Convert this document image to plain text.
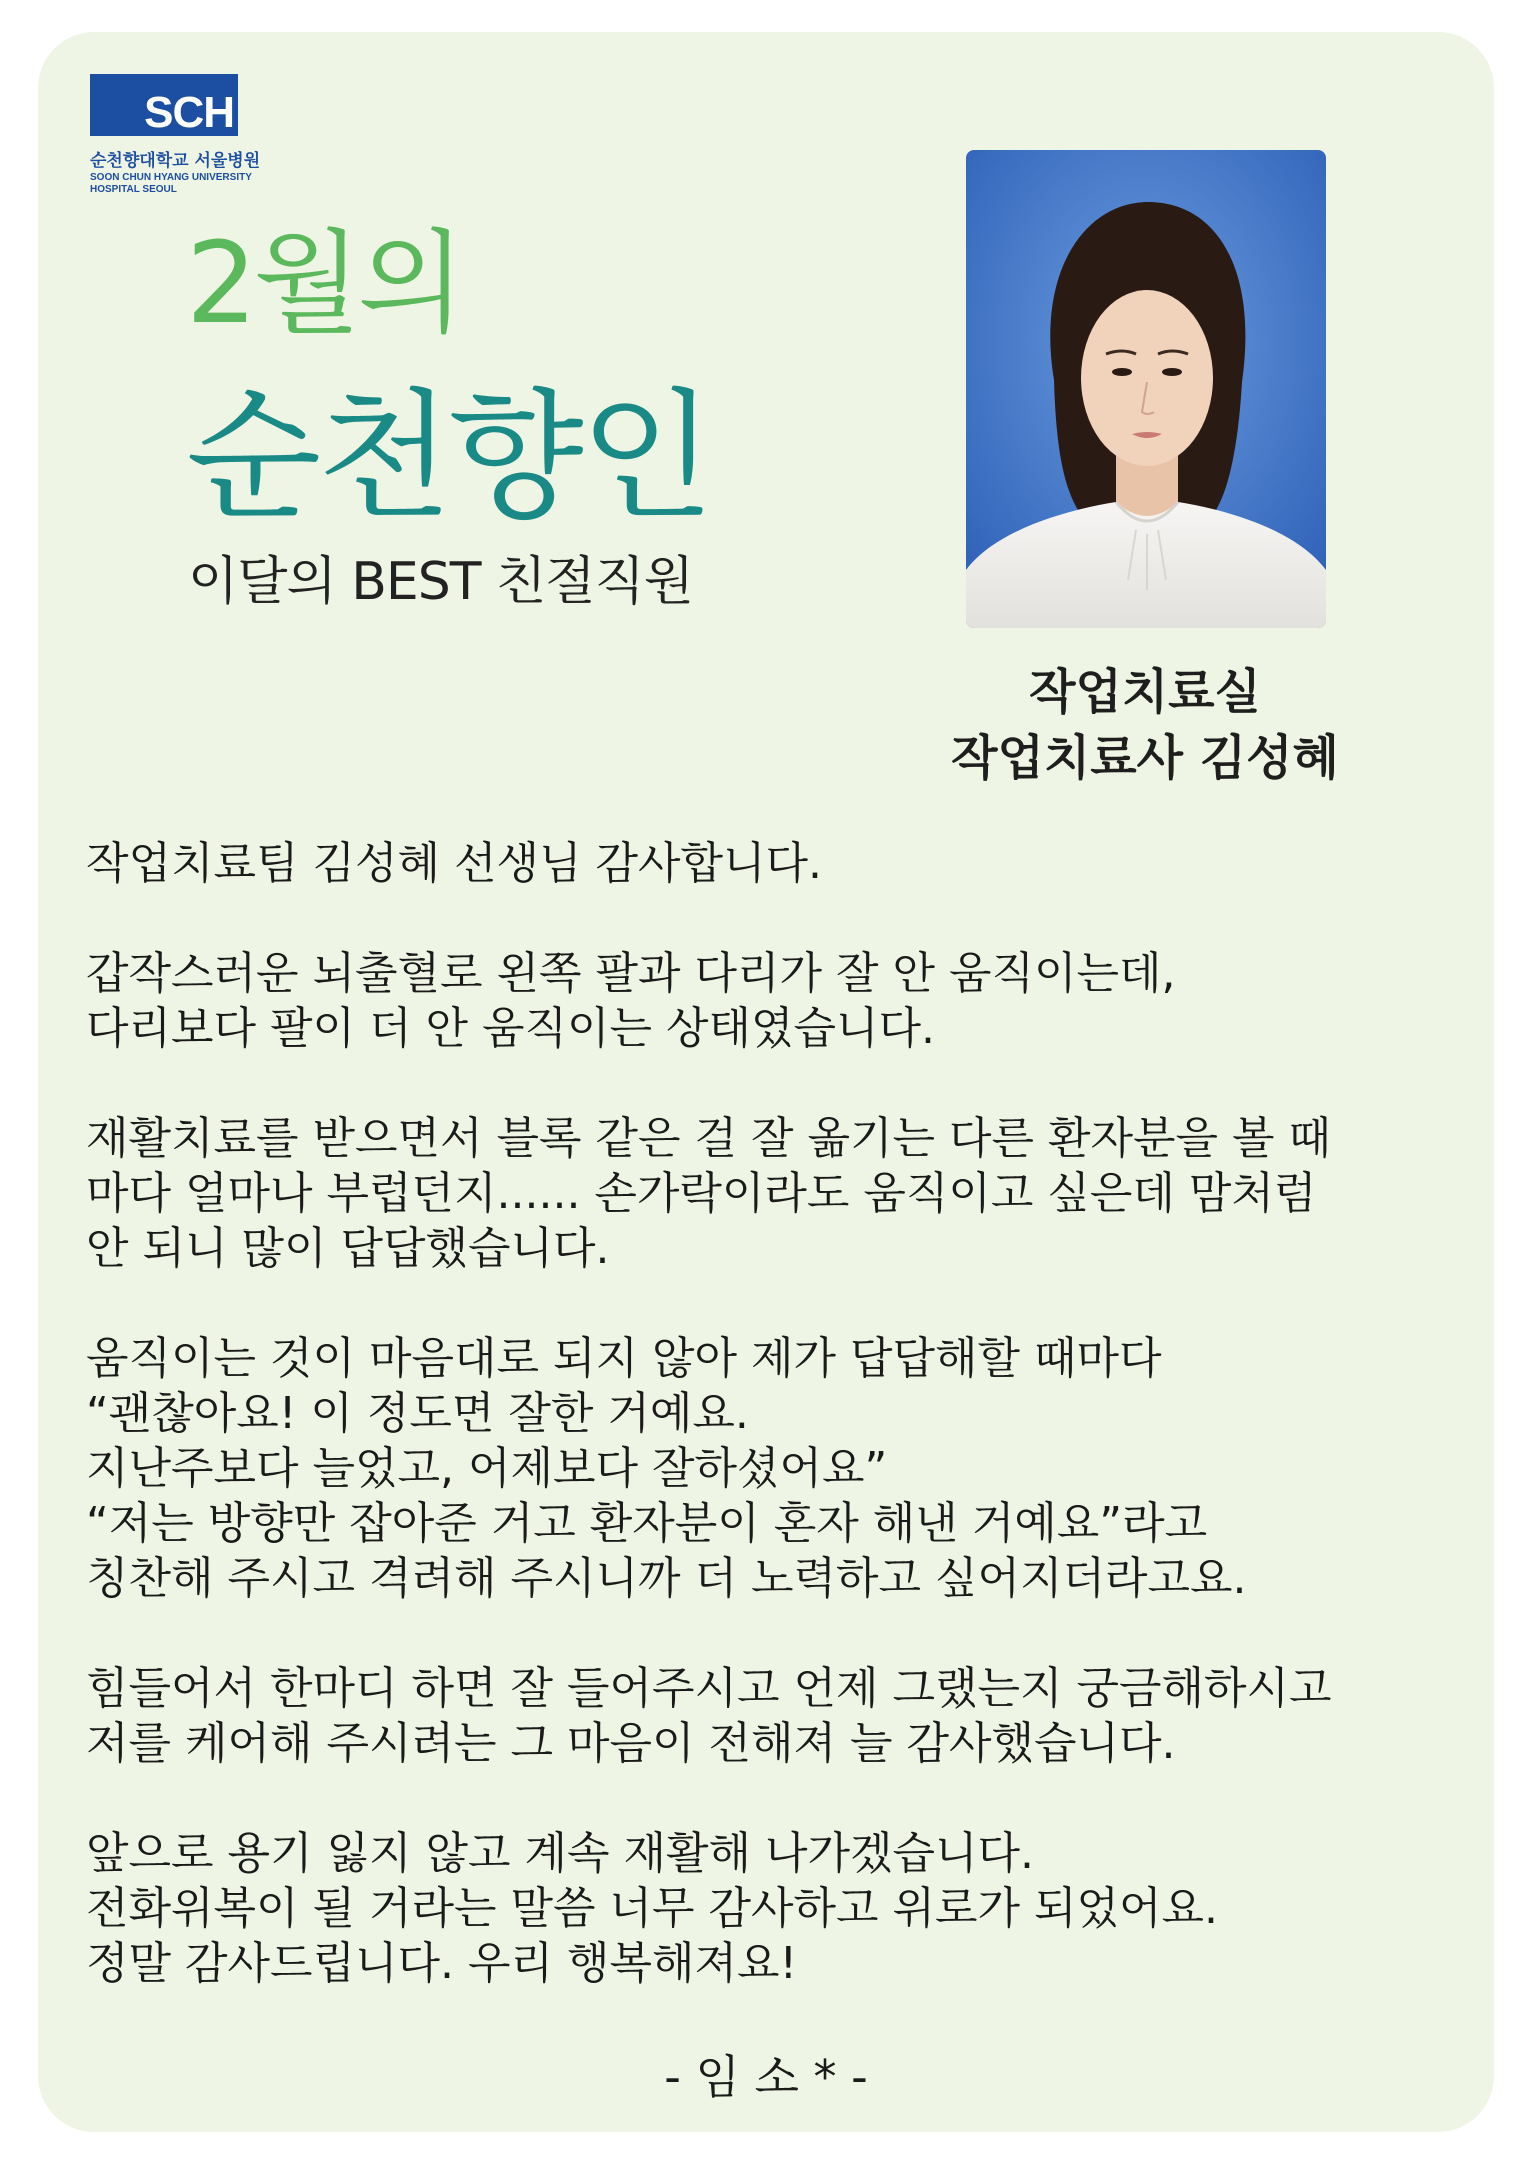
SCH
순천향대학교 서울병원
SOON CHUN HYANG UNIVERSITY
HOSPITAL SEOUL
2월의
순천향인
이달의 BEST 친절직원
작업치료실
작업치료사 김성혜

작업치료팀 김성혜 선생님 감사합니다.

갑작스러운 뇌출혈로 왼쪽 팔과 다리가 잘 안 움직이는데,
다리보다 팔이 더 안 움직이는 상태였습니다.

재활치료를 받으면서 블록 같은 걸 잘 옮기는 다른 환자분을 볼 때
마다 얼마나 부럽던지...... 손가락이라도 움직이고 싶은데 맘처럼
안 되니 많이 답답했습니다.

움직이는 것이 마음대로 되지 않아 제가 답답해할 때마다
“괜찮아요! 이 정도면 잘한 거예요.
지난주보다 늘었고, 어제보다 잘하셨어요”
“저는 방향만 잡아준 거고 환자분이 혼자 해낸 거예요”라고
칭찬해 주시고 격려해 주시니까 더 노력하고 싶어지더라고요.

힘들어서 한마디 하면 잘 들어주시고 언제 그랬는지 궁금해하시고
저를 케어해 주시려는 그 마음이 전해져 늘 감사했습니다.

앞으로 용기 잃지 않고 계속 재활해 나가겠습니다.
전화위복이 될 거라는 말씀 너무 감사하고 위로가 되었어요.
정말 감사드립니다. 우리 행복해져요!

- 임 소 * -
